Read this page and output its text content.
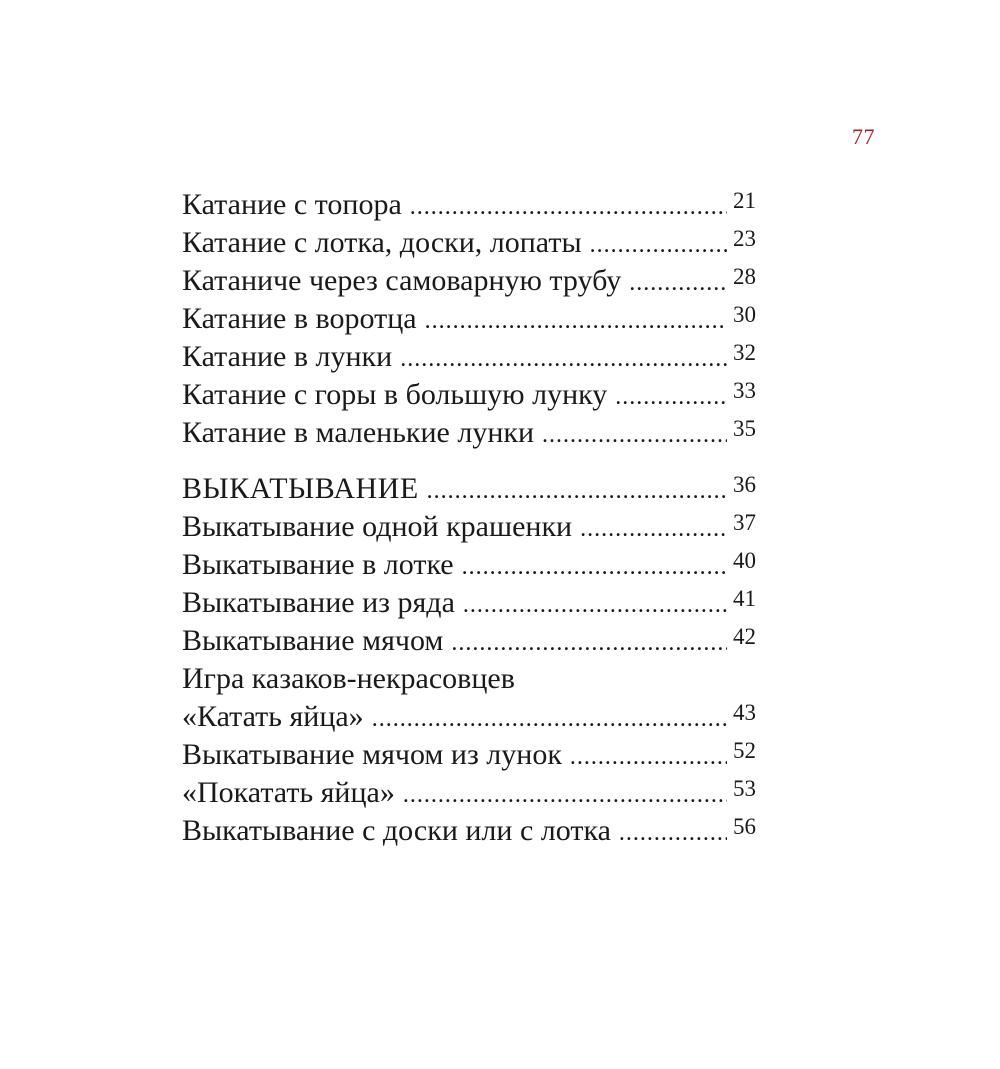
77
Катание с топора .....	21
Катание с лотка, доски, лопаты .....	23
Катаниче через самоварную трубу .....	28
Катание в воротца .....	30
Катание в лунки .....	32
Катание с горы в большую лунку .....	33
Катание в маленькие лунки .....	35
ВЫКАТЫВАНИЕ .....	36
Выкатывание одной крашенки .....	37
Выкатывание в лотке .....	40
Выкатывание из ряда .....	41
Выкатывание мячом .....	42
Игра казаков-некрасовцев
«Катать яйца» .....	43
Выкатывание мячом из лунок .....	52
«Покатать яйца» .....	53
Выкатывание с доски или с лотка .....	56
